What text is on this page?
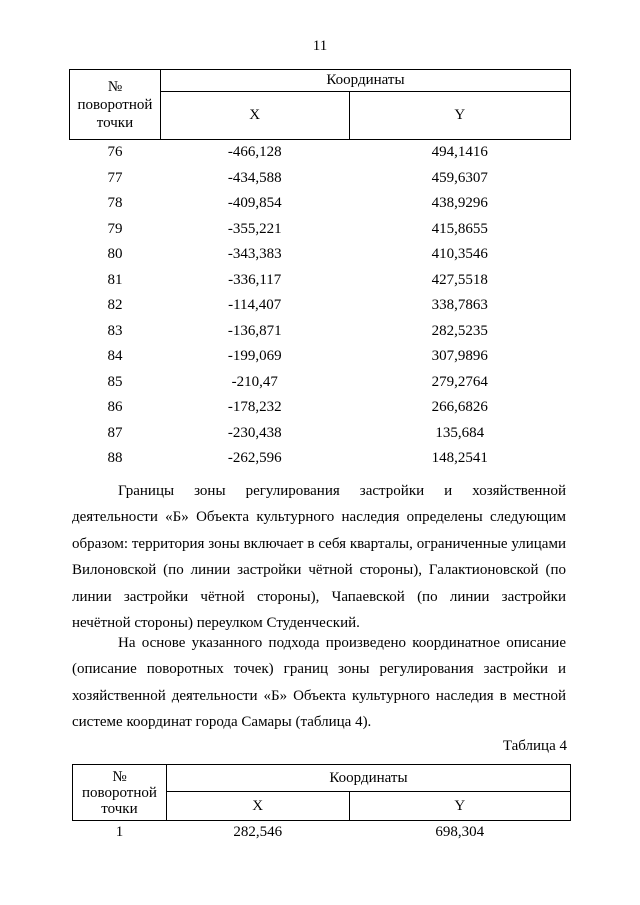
11
№
поворотной
точки	Координаты	
	X	Y
76	-466,128	494,1416
77	-434,588	459,6307
78	-409,854	438,9296
79	-355,221	415,8655
80	-343,383	410,3546
81	-336,117	427,5518
82	-114,407	338,7863
83	-136,871	282,5235
84	-199,069	307,9896
85	-210,47	279,2764
86	-178,232	266,6826
87	-230,438	135,684
88	-262,596	148,2541

Границы зоны регулирования застройки и хозяйственной деятельности «Б» Объекта культурного наследия определены следующим образом: территория зоны включает в себя кварталы, ограниченные улицами Вилоновской (по линии застройки чётной стороны), Галактионовской (по линии застройки чётной стороны), Чапаевской (по линии застройки нечётной стороны) переулком Студенческий.

На основе указанного подхода произведено координатное описание (описание поворотных точек) границ зоны регулирования застройки и хозяйственной деятельности «Б» Объекта культурного наследия в местной системе координат города Самары (таблица 4).

Таблица 4
№
поворотной
точки	Координаты	
	X	Y
1	282,546	698,304
